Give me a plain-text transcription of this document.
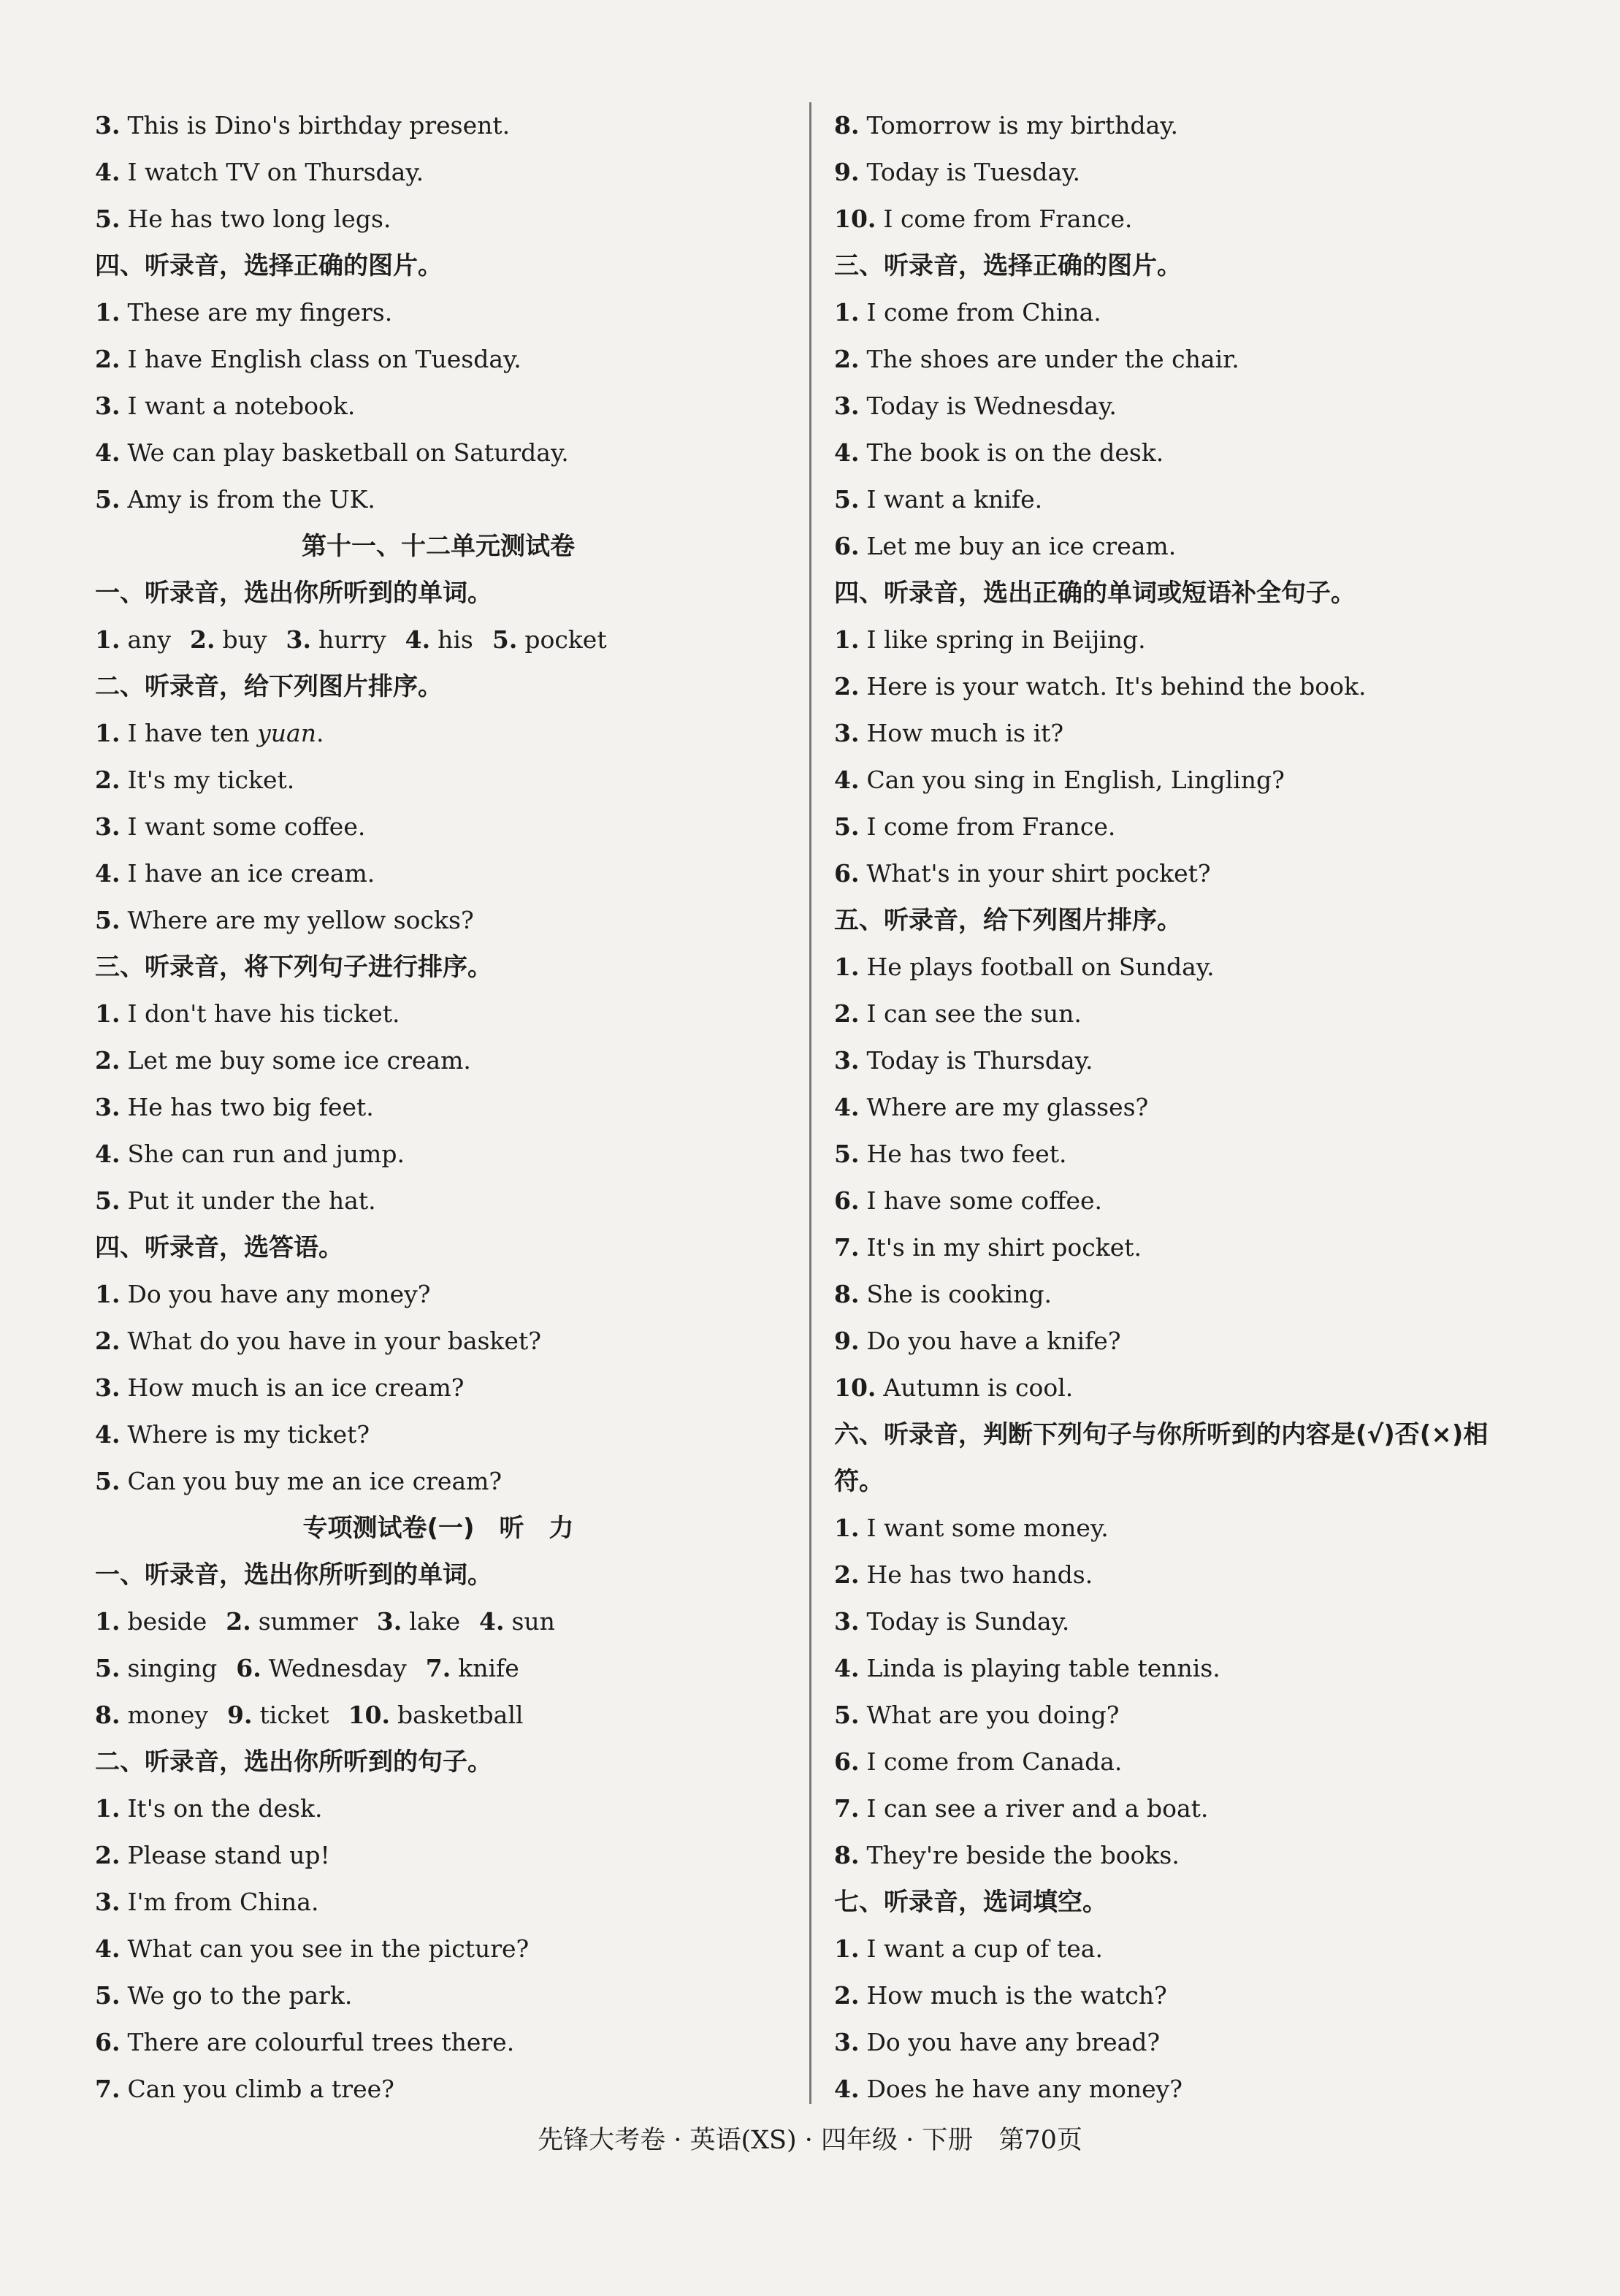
3. This is Dino's birthday present.
4. I watch TV on Thursday.
5. He has two long legs.
四、听录音，选择正确的图片。
1. These are my fingers.
2. I have English class on Tuesday.
3. I want a notebook.
4. We can play basketball on Saturday.
5. Amy is from the UK.
第十一、十二单元测试卷
一、听录音，选出你所听到的单词。
1. any 2. buy 3. hurry 4. his 5. pocket
二、听录音，给下列图片排序。
1. I have ten yuan.
2. It's my ticket.
3. I want some coffee.
4. I have an ice cream.
5. Where are my yellow socks?
三、听录音，将下列句子进行排序。
1. I don't have his ticket.
2. Let me buy some ice cream.
3. He has two big feet.
4. She can run and jump.
5. Put it under the hat.
四、听录音，选答语。
1. Do you have any money?
2. What do you have in your basket?
3. How much is an ice cream?
4. Where is my ticket?
5. Can you buy me an ice cream?
专项测试卷(一)　听　力
一、听录音，选出你所听到的单词。
1. beside 2. summer 3. lake 4. sun
5. singing 6. Wednesday 7. knife
8. money 9. ticket 10. basketball
二、听录音，选出你所听到的句子。
1. It's on the desk.
2. Please stand up!
3. I'm from China.
4. What can you see in the picture?
5. We go to the park.
6. There are colourful trees there.
7. Can you climb a tree?
8. Tomorrow is my birthday.
9. Today is Tuesday.
10. I come from France.
三、听录音，选择正确的图片。
1. I come from China.
2. The shoes are under the chair.
3. Today is Wednesday.
4. The book is on the desk.
5. I want a knife.
6. Let me buy an ice cream.
四、听录音，选出正确的单词或短语补全句子。
1. I like spring in Beijing.
2. Here is your watch. It's behind the book.
3. How much is it?
4. Can you sing in English, Lingling?
5. I come from France.
6. What's in your shirt pocket?
五、听录音，给下列图片排序。
1. He plays football on Sunday.
2. I can see the sun.
3. Today is Thursday.
4. Where are my glasses?
5. He has two feet.
6. I have some coffee.
7. It's in my shirt pocket.
8. She is cooking.
9. Do you have a knife?
10. Autumn is cool.
六、听录音，判断下列句子与你所听到的内容是(√)否(×)相符。
1. I want some money.
2. He has two hands.
3. Today is Sunday.
4. Linda is playing table tennis.
5. What are you doing?
6. I come from Canada.
7. I can see a river and a boat.
8. They're beside the books.
七、听录音，选词填空。
1. I want a cup of tea.
2. How much is the watch?
3. Do you have any bread?
4. Does he have any money?
先锋大考卷 · 英语(XS) · 四年级 · 下册　第70页
